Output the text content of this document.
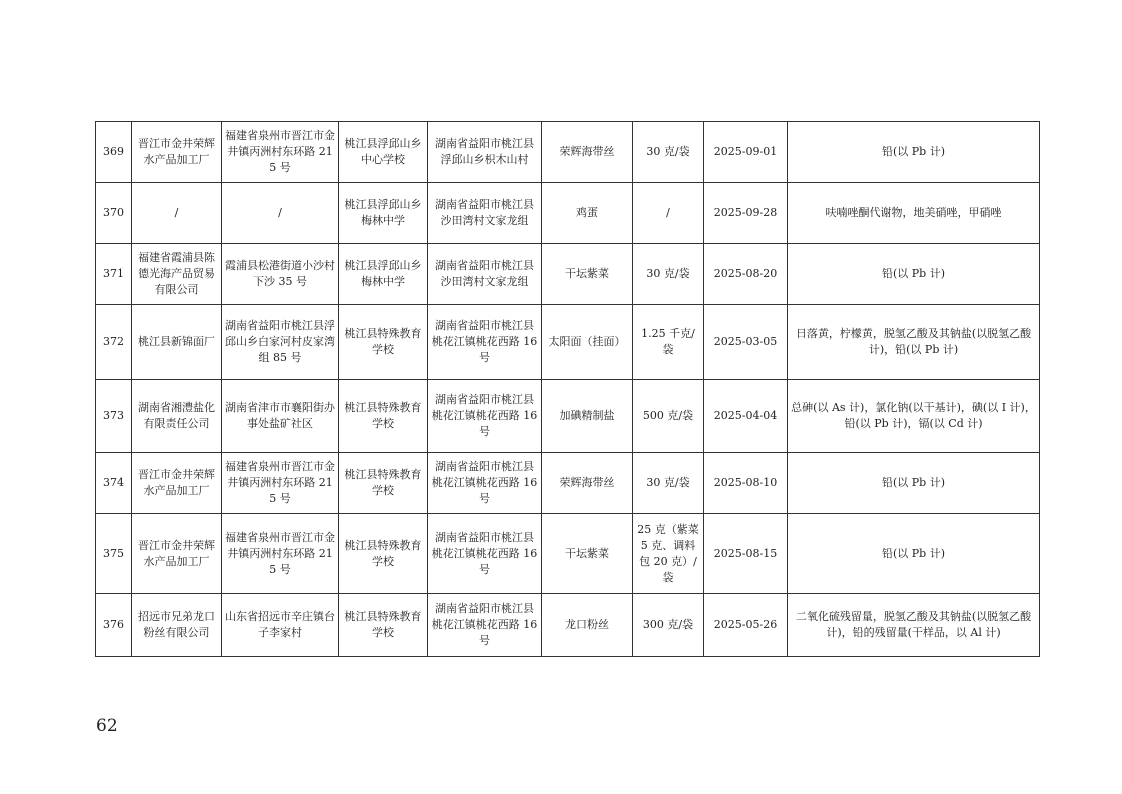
369	晋江市金井荣辉水产品加工厂	福建省泉州市晋江市金井镇丙洲村东环路 215 号	桃江县浮邱山乡中心学校	湖南省益阳市桃江县浮邱山乡枳木山村	荣辉海带丝	30 克/袋	2025-09-01	铅(以 Pb 计)
370	/	/	桃江县浮邱山乡梅林中学	湖南省益阳市桃江县沙田湾村文家龙组	鸡蛋	/	2025-09-28	呋喃唑酮代谢物，地美硝唑，甲硝唑
371	福建省霞浦县陈德光海产品贸易有限公司	霞浦县松港街道小沙村下沙 35 号	桃江县浮邱山乡梅林中学	湖南省益阳市桃江县沙田湾村文家龙组	干坛紫菜	30 克/袋	2025-08-20	铅(以 Pb 计)
372	桃江县新锦面厂	湖南省益阳市桃江县浮邱山乡白家河村皮家湾组 85 号	桃江县特殊教育学校	湖南省益阳市桃江县桃花江镇桃花西路 16 号	太阳面（挂面）	1.25 千克/袋	2025-03-05	日落黄，柠檬黄，脱氢乙酸及其钠盐(以脱氢乙酸计)，铅(以 Pb 计)
373	湖南省湘澧盐化有限责任公司	湖南省津市市襄阳街办事处盐矿社区	桃江县特殊教育学校	湖南省益阳市桃江县桃花江镇桃花西路 16 号	加碘精制盐	500 克/袋	2025-04-04	总砷(以 As 计)，氯化钠(以干基计)，碘(以 I 计)，铅(以 Pb 计)，镉(以 Cd 计)
374	晋江市金井荣辉水产品加工厂	福建省泉州市晋江市金井镇丙洲村东环路 215 号	桃江县特殊教育学校	湖南省益阳市桃江县桃花江镇桃花西路 16 号	荣辉海带丝	30 克/袋	2025-08-10	铅(以 Pb 计)
375	晋江市金井荣辉水产品加工厂	福建省泉州市晋江市金井镇丙洲村东环路 215 号	桃江县特殊教育学校	湖南省益阳市桃江县桃花江镇桃花西路 16 号	干坛紫菜	25 克（紫菜 5 克、调料包 20 克）/袋	2025-08-15	铅(以 Pb 计)
376	招远市兄弟龙口粉丝有限公司	山东省招远市辛庄镇台子李家村	桃江县特殊教育学校	湖南省益阳市桃江县桃花江镇桃花西路 16 号	龙口粉丝	300 克/袋	2025-05-26	二氧化硫残留量，脱氢乙酸及其钠盐(以脱氢乙酸计)，铅的残留量(干样品，以 Al 计)
62
